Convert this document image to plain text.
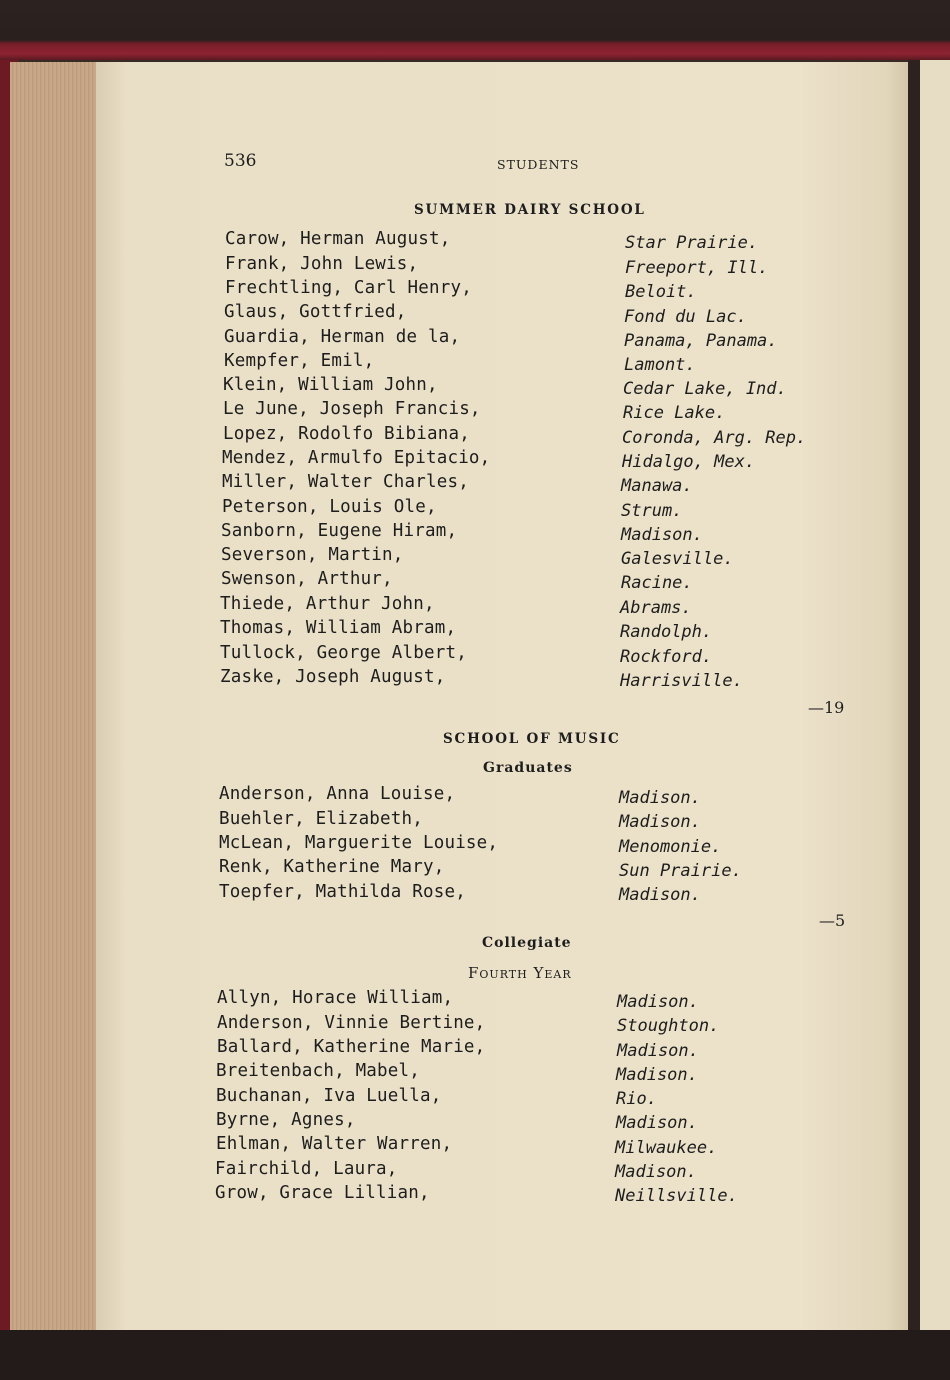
536	STUDENTS
SUMMER DAIRY SCHOOL
Carow, Herman August,	Star Prairie.
Frank, John Lewis,	Freeport, Ill.
Frechtling, Carl Henry,	Beloit.
Glaus, Gottfried,	Fond du Lac.
Guardia, Herman de la,	Panama, Panama.
Kempfer, Emil,	Lamont.
Klein, William John,	Cedar Lake, Ind.
Le June, Joseph Francis,	Rice Lake.
Lopez, Rodolfo Bibiana,	Coronda, Arg. Rep.
Mendez, Armulfo Epitacio,	Hidalgo, Mex.
Miller, Walter Charles,	Manawa.
Peterson, Louis Ole,	Strum.
Sanborn, Eugene Hiram,	Madison.
Severson, Martin,	Galesville.
Swenson, Arthur,	Racine.
Thiede, Arthur John,	Abrams.
Thomas, William Abram,	Randolph.
Tullock, George Albert,	Rockford.
Zaske, Joseph August,	Harrisville.
—19
SCHOOL OF MUSIC
Graduates
Anderson, Anna Louise,	Madison.
Buehler, Elizabeth,	Madison.
McLean, Marguerite Louise,	Menomonie.
Renk, Katherine Mary,	Sun Prairie.
Toepfer, Mathilda Rose,	Madison.
—5
Collegiate
Fourth Year
Allyn, Horace William,	Madison.
Anderson, Vinnie Bertine,	Stoughton.
Ballard, Katherine Marie,	Madison.
Breitenbach, Mabel,	Madison.
Buchanan, Iva Luella,	Rio.
Byrne, Agnes,	Madison.
Ehlman, Walter Warren,	Milwaukee.
Fairchild, Laura,	Madison.
Grow, Grace Lillian,	Neillsville.
